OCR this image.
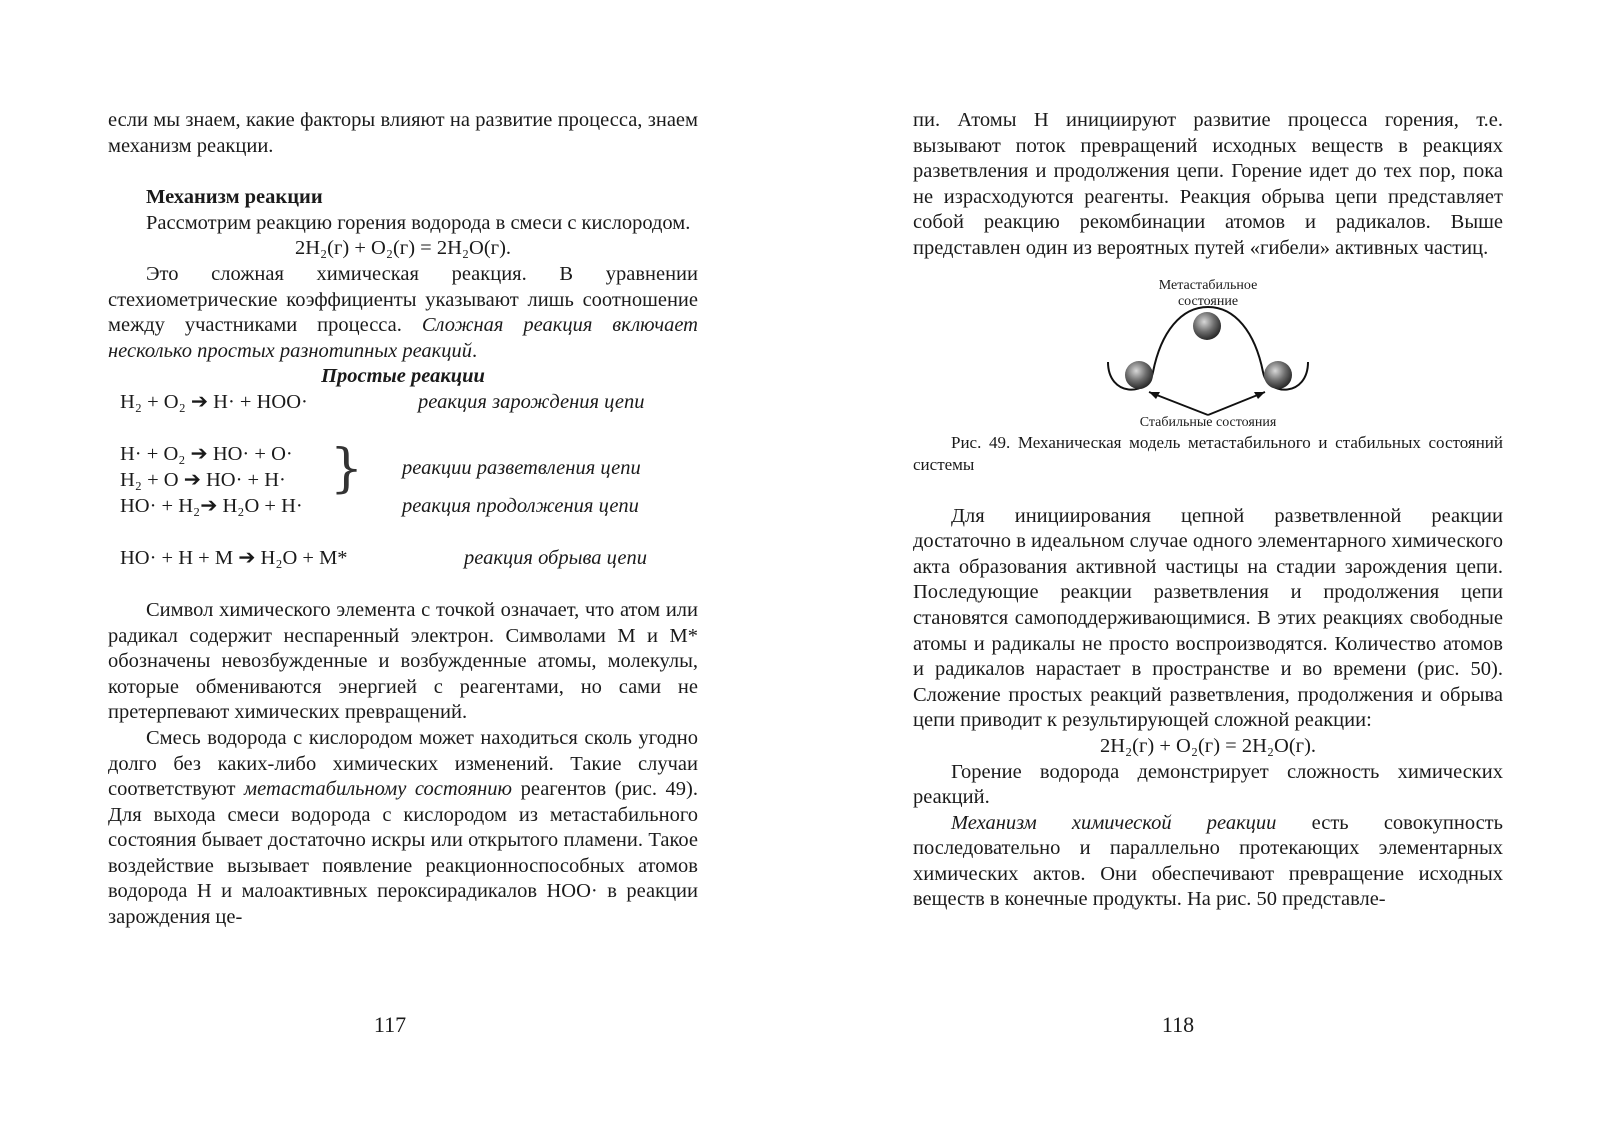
если мы знаем, какие факторы влияют на развитие процесса, знаем механизм реакции.

Механизм реакции

Рассмотрим реакцию горения водорода в смеси с кислородом.

2H₂(г) + O₂(г) = 2H₂O(г).

Это сложная химическая реакция. В уравнении стехиометрические коэффициенты указывают лишь соотношение между участниками процесса. Сложная реакция включает несколько простых разнотипных реакций.

Простые реакции

H₂ + O₂ ➔ H· + HOO·	реакция зарождения цепи
H· + O₂ ➔ HO· + O·
H₂ + O ➔ HO· + H· } реакции разветвления цепи
HO· + H₂➔ H₂O + H·	реакция продолжения цепи
HO· + H + M ➔ H₂O + M*	реакция обрыва цепи

Символ химического элемента с точкой означает, что атом или радикал содержит неспаренный электрон. Символами M и M* обозначены невозбужденные и возбужденные атомы, молекулы, которые обмениваются энергией с реагентами, но сами не претерпевают химических превращений.

Смесь водорода с кислородом может находиться сколь угодно долго без каких-либо химических изменений. Такие случаи соответствуют метастабильному состоянию реагентов (рис. 49). Для выхода смеси водорода с кислородом из метастабильного состояния бывает достаточно искры или открытого пламени. Такое воздействие вызывает появление реакционноспособных атомов водорода H и малоактивных пероксирадикалов HOO· в реакции зарождения це-

117

пи. Атомы H инициируют развитие процесса горения, т.е. вызывают поток превращений исходных веществ в реакциях разветвления и продолжения цепи. Горение идет до тех пор, пока не израсходуются реагенты. Реакция обрыва цепи представляет собой реакцию рекомбинации атомов и радикалов. Выше представлен один из вероятных путей «гибели» активных частиц.

Метастабильное
состояние
Стабильные состояния

Рис. 49. Механическая модель метастабильного и стабильных состояний системы

Для инициирования цепной разветвленной реакции достаточно в идеальном случае одного элементарного химического акта образования активной частицы на стадии зарождения цепи. Последующие реакции разветвления и продолжения цепи становятся самоподдерживающимися. В этих реакциях свободные атомы и радикалы не просто воспроизводятся. Количество атомов и радикалов нарастает в пространстве и во времени (рис. 50). Сложение простых реакций разветвления, продолжения и обрыва цепи приводит к результирующей сложной реакции:

2H₂(г) + O₂(г) = 2H₂O(г).

Горение водорода демонстрирует сложность химических реакций.

Механизм химической реакции есть совокупность последовательно и параллельно протекающих элементарных химических актов. Они обеспечивают превращение исходных веществ в конечные продукты. На рис. 50 представле-

118
